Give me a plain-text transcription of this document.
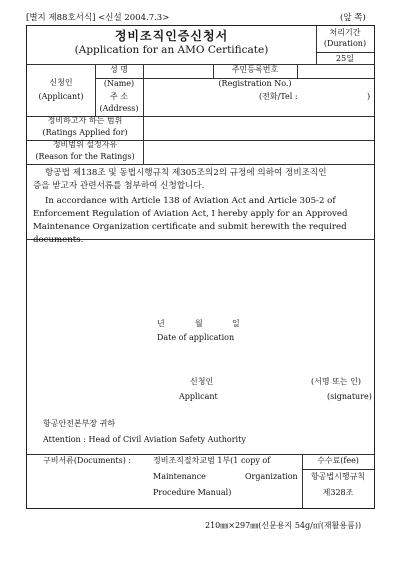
[별지 제88호서식] <신설 2004.7.3>	(앞 쪽)
정비조직인증신청서
(Application for an AMO Certificate)
처리기간
(Duration)
25일
신청인
(Applicant)
성 명
(Name)
주민등록번호
(Registration No.)
주 소
(Address)
(전화/Tel :	)
정비하고자 하는 범위
(Ratings Applied for)
정비범위 설정자유
(Reason for the Ratings)
항공법 제138조 및 동법시행규칙 제305조의2의 규정에 의하여 정비조직인
증을 받고자 관련서류를 첨부하여 신청합니다.
In accordance with Article 138 of Aviation Act and Article 305-2 of
Enforcement Regulation of Aviation Act, I hereby apply for an Approved
Maintenance Organization certificate and submit herewith the required
documents.
년	월	일
Date of application
신청인
Applicant
(서명 또는 인)
(signature)
항공안전본부장 귀하
Attention : Head of Civil Aviation Safety Authority
구비서류(Documents) :	정비조직절차교범 1부(1 copy of
Maintenance	Organization
Procedure Manual)
수수료(fee)
항공법시행규칙
제328조
210㎜×297㎜(신문용지 54g/㎡(재활용품))
